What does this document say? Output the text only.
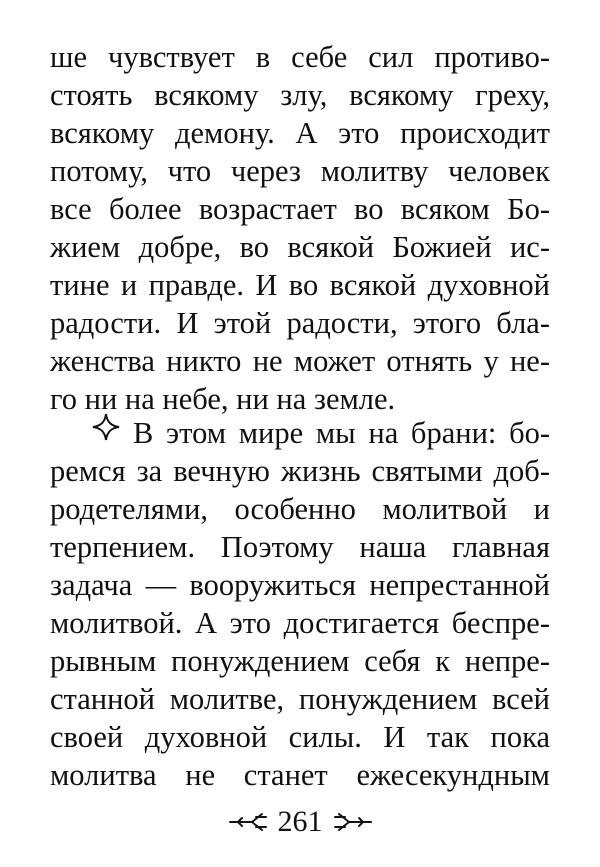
ше чувствует в себе сил противо-
стоять всякому злу, всякому греху,
всякому демону. А это происходит
потому, что через молитву человек
все более возрастает во всяком Бо-
жием добре, во всякой Божией ис-
тине и правде. И во всякой духовной
радости. И этой радости, этого бла-
женства никто не может отнять у не-
го ни на небе, ни на земле.
В этом мире мы на брани: бо-
ремся за вечную жизнь святыми доб-
родетелями, особенно молитвой и
терпением. Поэтому наша главная
задача — вооружиться непрестанной
молитвой. А это достигается беспре-
рывным понуждением себя к непре-
станной молитве, понуждением всей
своей духовной силы. И так пока
молитва не станет ежесекундным
261
